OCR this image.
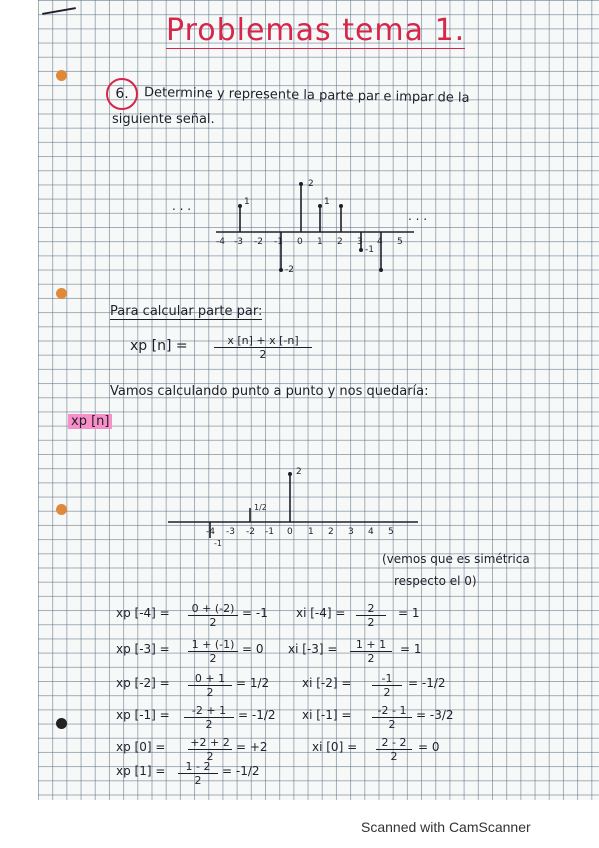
Problemas tema 1.
6.	Determine y represente la parte par e impar de la
siguiente señal.
. . .
. . .
2
1	1
-2
-1
-4 -3 -2 -1 0 1 2 3 4 5
Para calcular parte par:
xp $[n] = \frac{x [n] + x [-n]}{2}$
Vamos calculando punto a punto y nos quedaría:
xp [n]
2
1/2
-1
-4 -3 -2 -1 0 1 2 3 4 5
(vemos que es simétrica
respecto el 0)
xp $[-4] = \frac{0 + (-2)}{2} = -1$ xi $[-4] = \frac{2}{2} = 1$
xp $[-3] = \frac{1 + (-1)}{2} = 0$ xi $[-3] = \frac{1 + 1}{2} = 1$
xp $[-2] = \frac{0 + 1}{2} = 1/2$	xi $[-2] = \frac{-1}{2} = -1/2$
xp $[-1] = \frac{-2 + 1}{2} = -1/2$ xi $[-1] = \frac{-2 - 1}{2} = -3/2$
xp $[0] = \frac{+2 + 2}{2} = +2$	xi $[0] = \frac{2 - 2}{2} = 0$
xp $[1] = \frac{1 - 2}{2} = -1/2$
Scanned with CamScanner
